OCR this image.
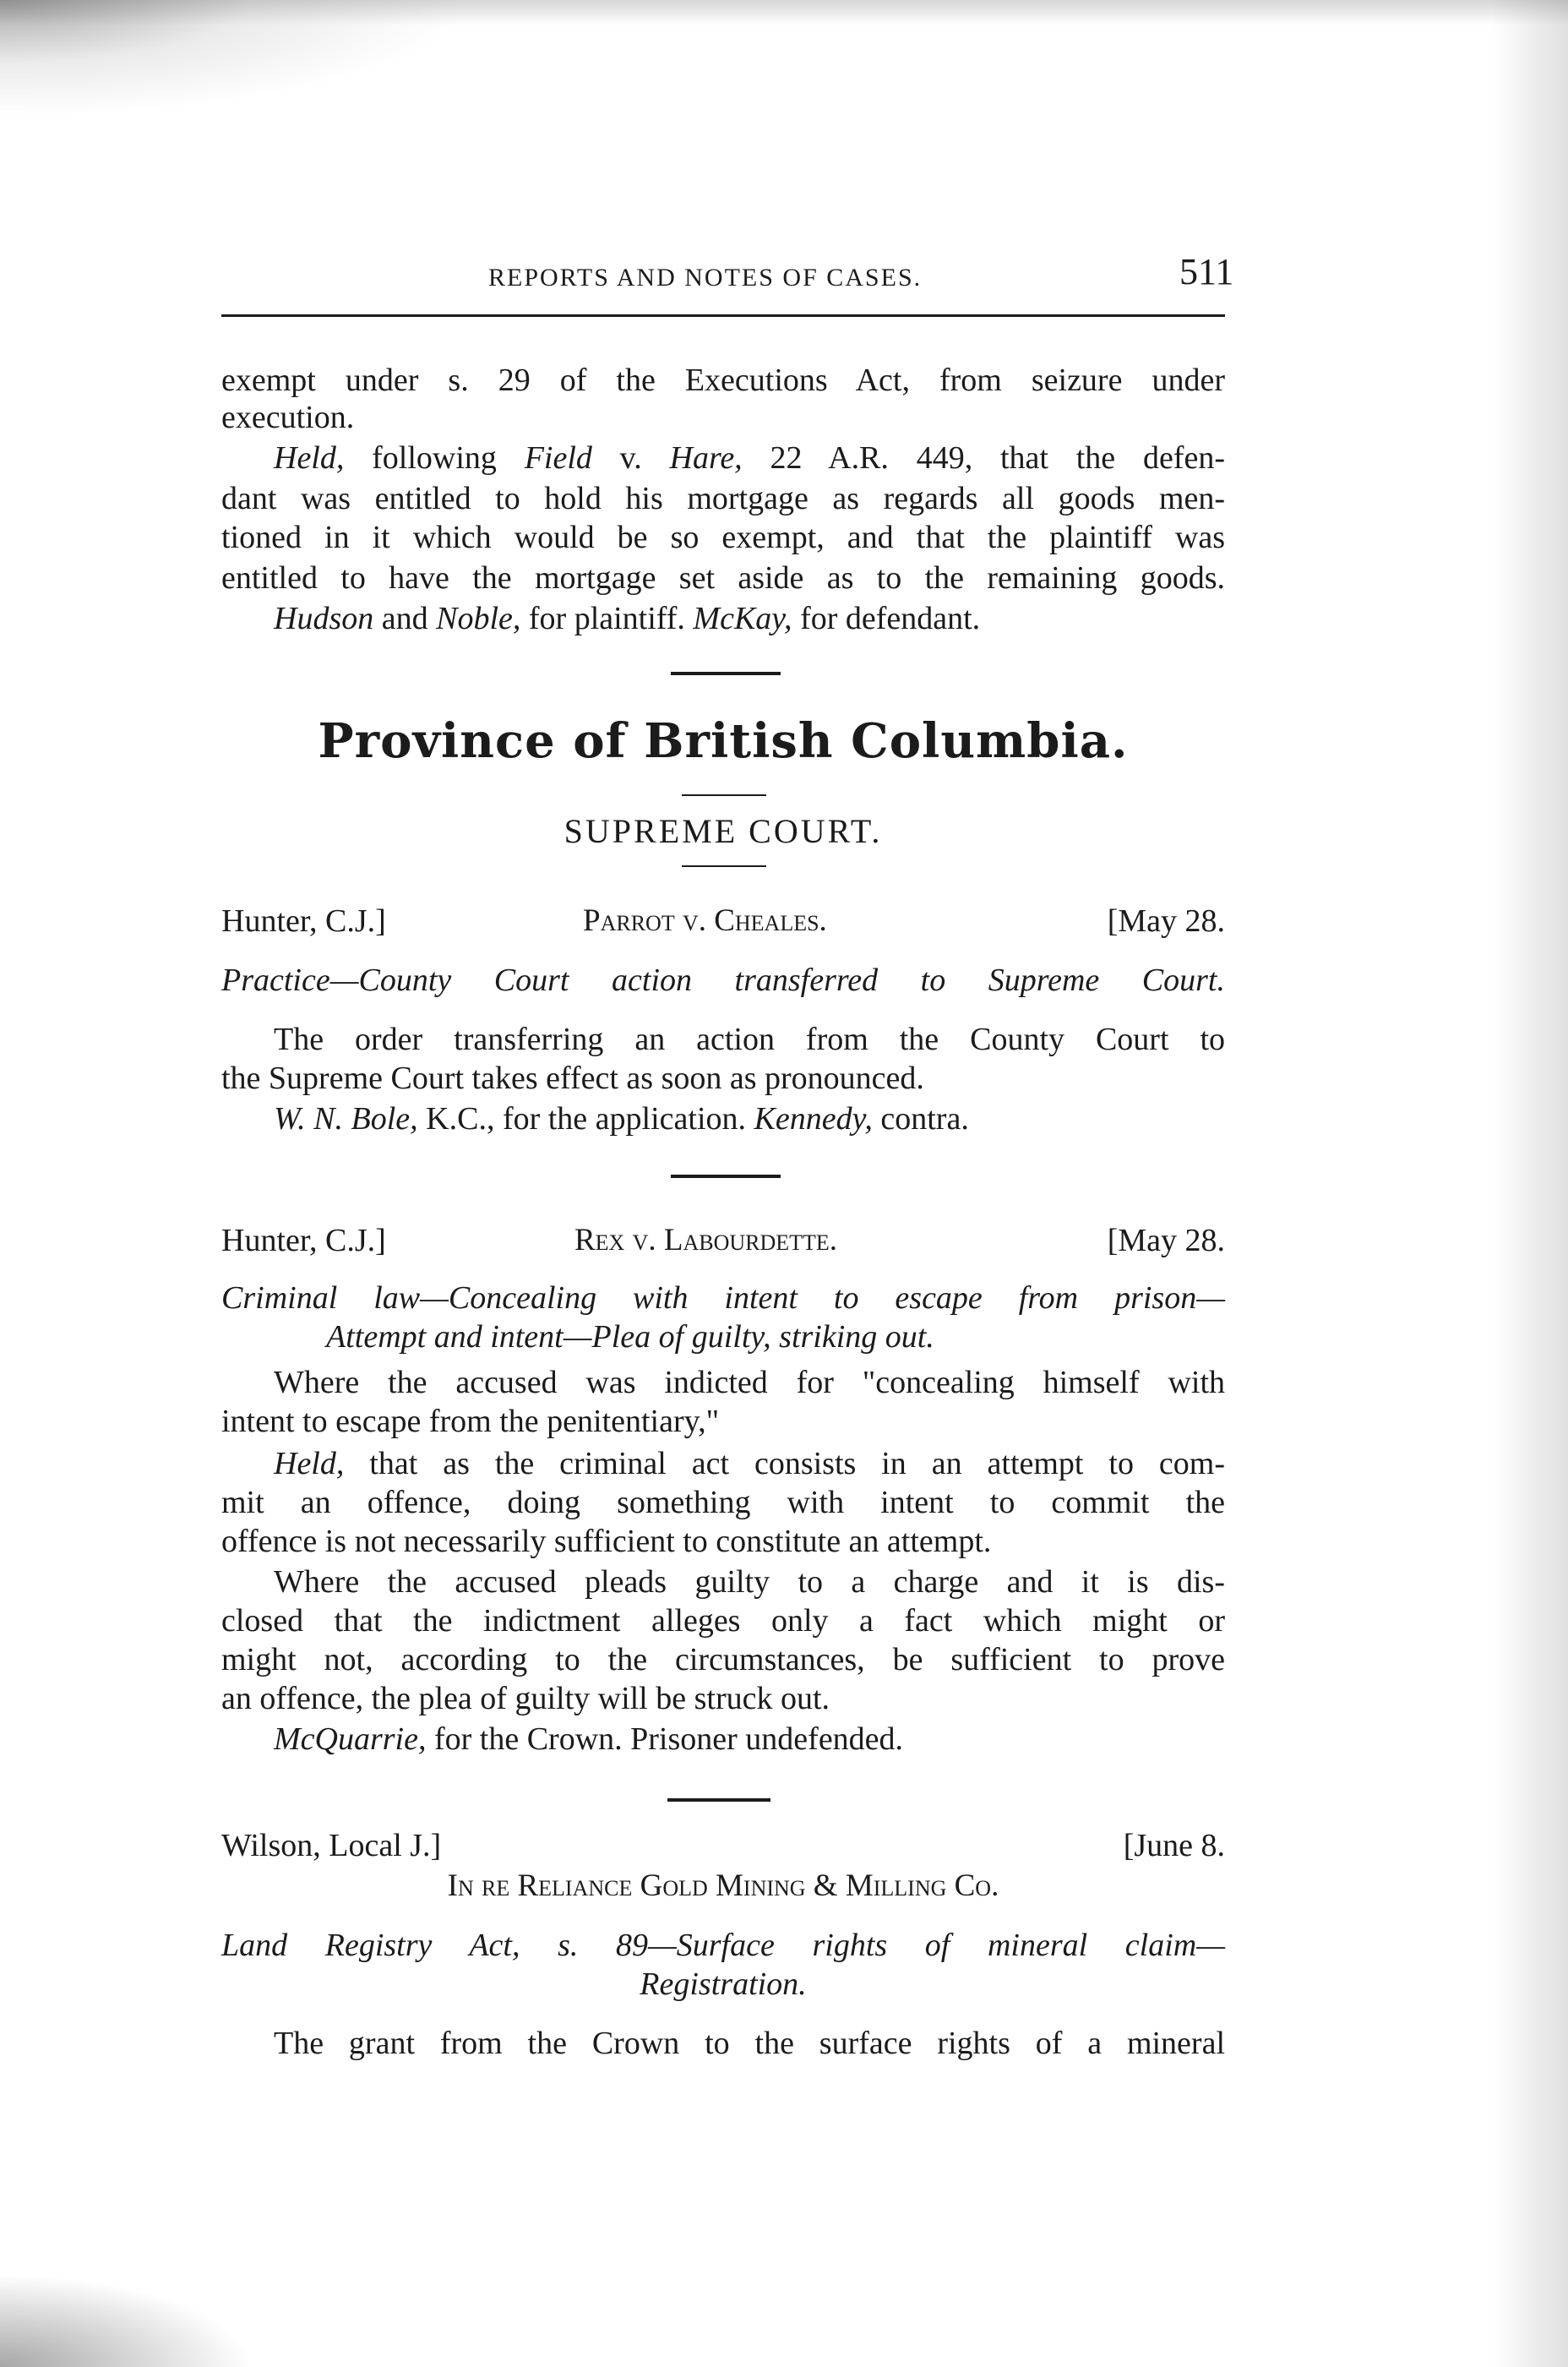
REPORTS AND NOTES OF CASES.	511
exempt under s. 29 of the Executions Act, from seizure under
execution.
Held, following Field v. Hare, 22 A.R. 449, that the defen-
dant was entitled to hold his mortgage as regards all goods men-
tioned in it which would be so exempt, and that the plaintiff was
entitled to have the mortgage set aside as to the remaining goods.
Hudson and Noble, for plaintiff. McKay, for defendant.
Province of British Columbia.
SUPREME COURT.
Hunter, C.J.]	Parrot v. Cheales.	[May 28.
Practice—County Court action transferred to Supreme Court.
The order transferring an action from the County Court to
the Supreme Court takes effect as soon as pronounced.
W. N. Bole, K.C., for the application. Kennedy, contra.
Hunter, C.J.]	Rex v. Labourdette.	[May 28.
Criminal law—Concealing with intent to escape from prison—
Attempt and intent—Plea of guilty, striking out.
Where the accused was indicted for "concealing himself with
intent to escape from the penitentiary,"
Held, that as the criminal act consists in an attempt to com-
mit an offence, doing something with intent to commit the
offence is not necessarily sufficient to constitute an attempt.
Where the accused pleads guilty to a charge and it is dis-
closed that the indictment alleges only a fact which might or
might not, according to the circumstances, be sufficient to prove
an offence, the plea of guilty will be struck out.
McQuarrie, for the Crown. Prisoner undefended.
Wilson, Local J.]	[June 8.
In re Reliance Gold Mining & Milling Co.
Land Registry Act, s. 89—Surface rights of mineral claim—
Registration.
The grant from the Crown to the surface rights of a mineral
